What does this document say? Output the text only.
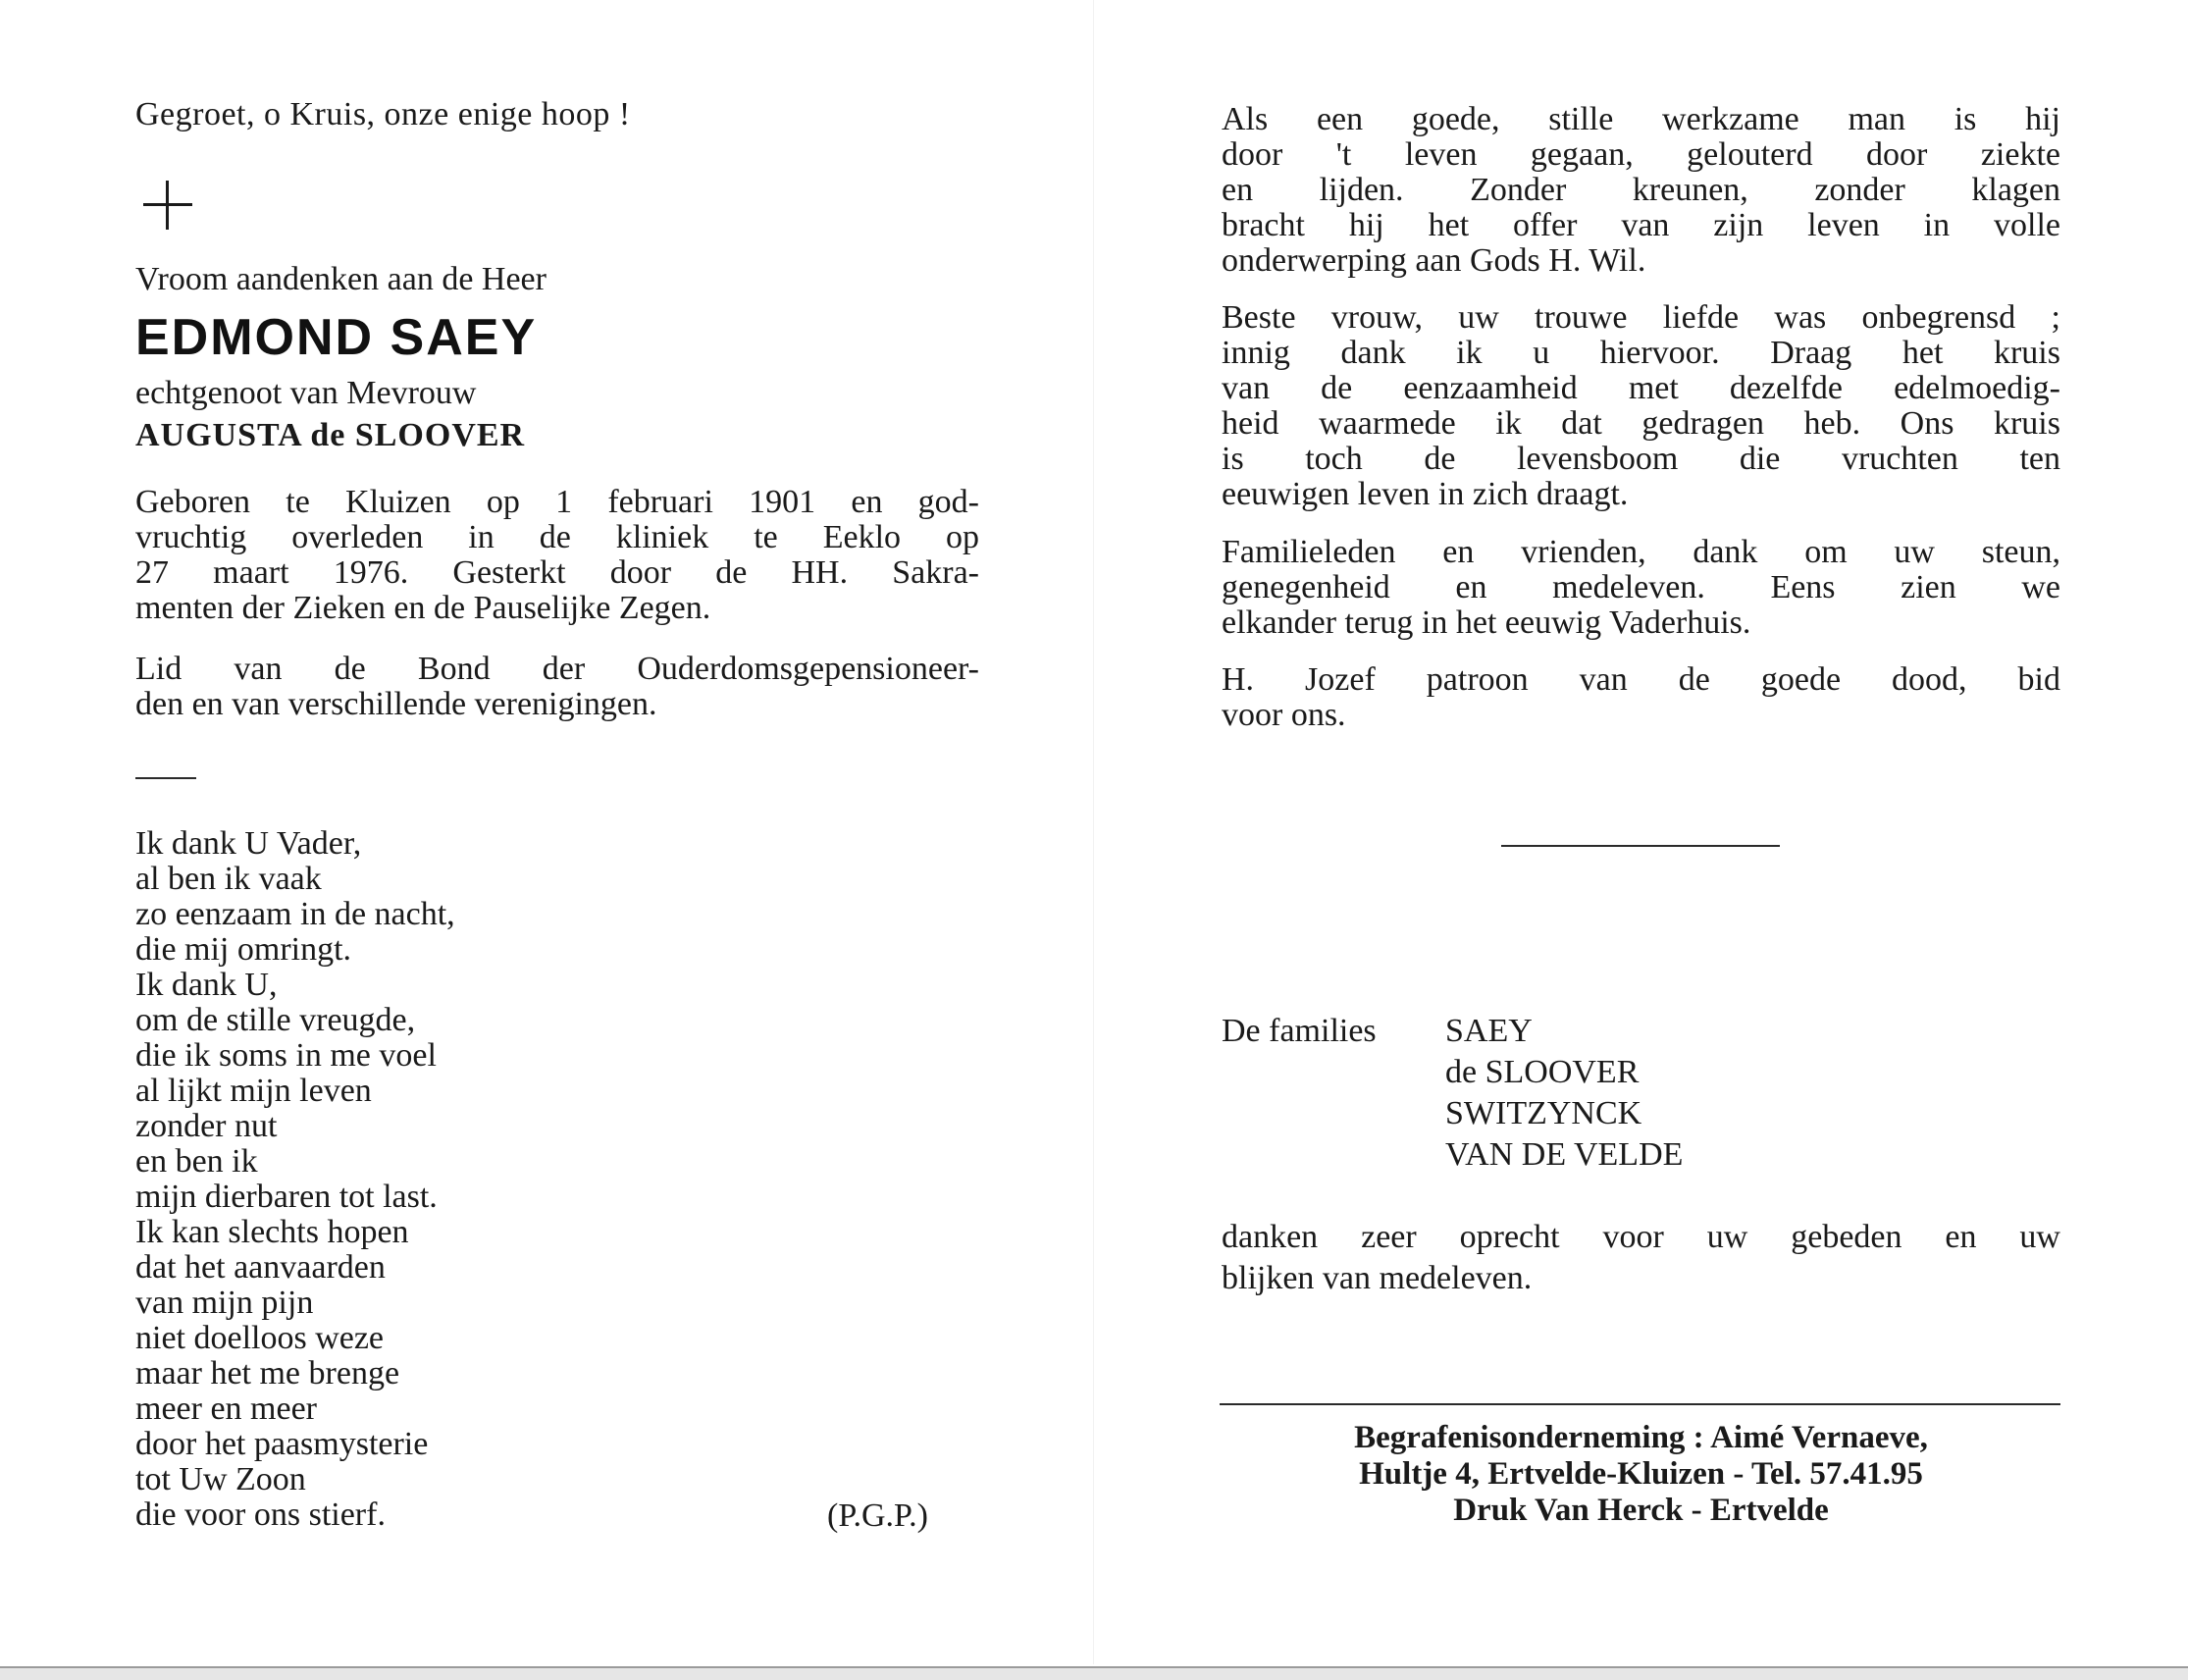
Gegroet, o Kruis, onze enige hoop !
Vroom aandenken aan de Heer
EDMOND SAEY
echtgenoot van Mevrouw
AUGUSTA de SLOOVER

Geboren te Kluizen op 1 februari 1901 en god-

vruchtig overleden in de kliniek te Eeklo op

27 maart 1976. Gesterkt door de HH. Sakra-

menten der Zieken en de Pauselijke Zegen.

Lid van de Bond der Ouderdomsgepensioneer-

den en van verschillende verenigingen.

Ik dank U Vader,
al ben ik vaak
zo eenzaam in de nacht,
die mij omringt.
Ik dank U,
om de stille vreugde,
die ik soms in me voel
al lijkt mijn leven
zonder nut
en ben ik
mijn dierbaren tot last.
Ik kan slechts hopen
dat het aanvaarden
van mijn pijn
niet doelloos weze
maar het me brenge
meer en meer
door het paasmysterie
tot Uw Zoon
die voor ons stierf.	(P.G.P.)

Als een goede, stille werkzame man is hij

door 't leven gegaan, gelouterd door ziekte

en lijden. Zonder kreunen, zonder klagen

bracht hij het offer van zijn leven in volle

onderwerping aan Gods H. Wil.

Beste vrouw, uw trouwe liefde was onbegrensd ;

innig dank ik u hiervoor. Draag het kruis

van de eenzaamheid met dezelfde edelmoedig-

heid waarmede ik dat gedragen heb. Ons kruis

is toch de levensboom die vruchten ten

eeuwigen leven in zich draagt.

Familieleden en vrienden, dank om uw steun,

genegenheid en medeleven. Eens zien we

elkander terug in het eeuwig Vaderhuis.

H. Jozef patroon van de goede dood, bid

voor ons.

De families SAEY
de SLOOVER
SWITZYNCK
VAN DE VELDE

danken zeer oprecht voor uw gebeden en uw

blijken van medeleven.

Begrafenisonderneming : Aimé Vernaeve,
Hultje 4, Ertvelde-Kluizen - Tel. 57.41.95
Druk Van Herck - Ertvelde
